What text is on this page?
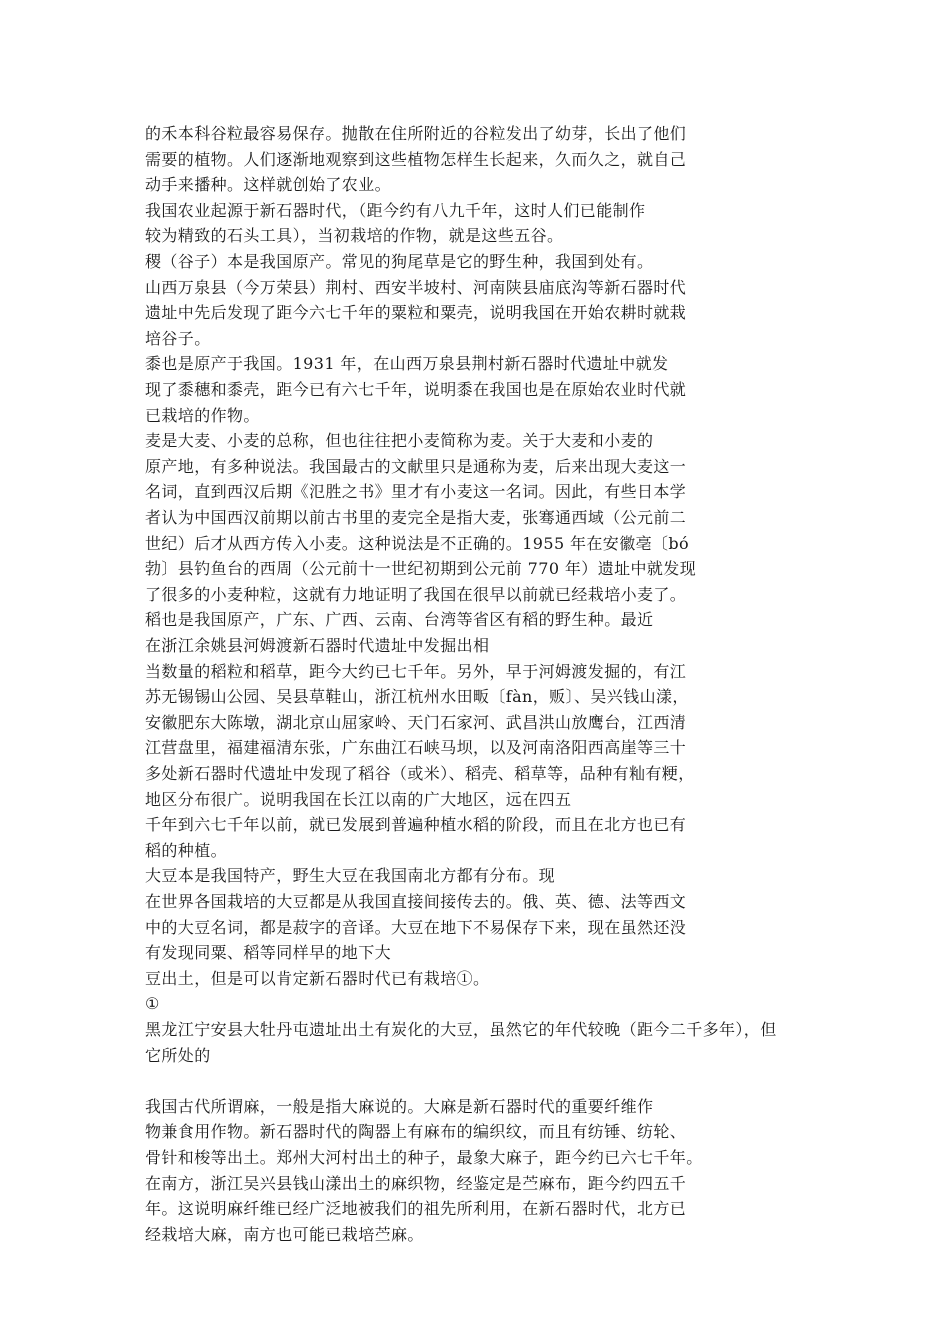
的禾本科谷粒最容易保存。抛散在住所附近的谷粒发出了幼芽，长出了他们
需要的植物。人们逐渐地观察到这些植物怎样生长起来，久而久之，就自己
动手来播种。这样就创始了农业。
我国农业起源于新石器时代，（距今约有八九千年，这时人们已能制作
较为精致的石头工具），当初栽培的作物，就是这些五谷。
稷（谷子）本是我国原产。常见的狗尾草是它的野生种，我国到处有。
山西万泉县（今万荣县）荆村、西安半坡村、河南陕县庙底沟等新石器时代
遗址中先后发现了距今六七千年的粟粒和粟壳，说明我国在开始农耕时就栽
培谷子。
黍也是原产于我国。1931 年，在山西万泉县荆村新石器时代遗址中就发
现了黍穗和黍壳，距今已有六七千年，说明黍在我国也是在原始农业时代就
已栽培的作物。
麦是大麦、小麦的总称，但也往往把小麦简称为麦。关于大麦和小麦的
原产地，有多种说法。我国最古的文献里只是通称为麦，后来出现大麦这一
名词，直到西汉后期《氾胜之书》里才有小麦这一名词。因此，有些日本学
者认为中国西汉前期以前古书里的麦完全是指大麦，张骞通西域（公元前二
世纪）后才从西方传入小麦。这种说法是不正确的。1955 年在安徽亳〔bó
勃〕县钓鱼台的西周（公元前十一世纪初期到公元前 770 年）遗址中就发现
了很多的小麦种粒，这就有力地证明了我国在很早以前就已经栽培小麦了。
稻也是我国原产，广东、广西、云南、台湾等省区有稻的野生种。最近
在浙江余姚县河姆渡新石器时代遗址中发掘出相
当数量的稻粒和稻草，距今大约已七千年。另外，早于河姆渡发掘的，有江
苏无锡锡山公园、吴县草鞋山，浙江杭州水田畈〔fàn，贩〕、吴兴钱山漾，
安徽肥东大陈墩，湖北京山屈家岭、天门石家河、武昌洪山放鹰台，江西清
江营盘里，福建福清东张，广东曲江石峡马坝，以及河南洛阳西高崖等三十
多处新石器时代遗址中发现了稻谷（或米）、稻壳、稻草等，品种有籼有粳，
地区分布很广。说明我国在长江以南的广大地区，远在四五
千年到六七千年以前，就已发展到普遍种植水稻的阶段，而且在北方也已有
稻的种植。
大豆本是我国特产，野生大豆在我国南北方都有分布。现
在世界各国栽培的大豆都是从我国直接间接传去的。俄、英、德、法等西文
中的大豆名词，都是菽字的音译。大豆在地下不易保存下来，现在虽然还没
有发现同粟、稻等同样早的地下大
豆出土，但是可以肯定新石器时代已有栽培①。
①
黑龙江宁安县大牡丹屯遗址出土有炭化的大豆，虽然它的年代较晚（距今二千多年），但
它所处的
我国古代所谓麻，一般是指大麻说的。大麻是新石器时代的重要纤维作
物兼食用作物。新石器时代的陶器上有麻布的编织纹，而且有纺锤、纺轮、
骨针和梭等出土。郑州大河村出土的种子，最象大麻子，距今约已六七千年。
在南方，浙江吴兴县钱山漾出土的麻织物，经鉴定是苎麻布，距今约四五千
年。这说明麻纤维已经广泛地被我们的祖先所利用，在新石器时代，北方已
经栽培大麻，南方也可能已栽培苎麻。
